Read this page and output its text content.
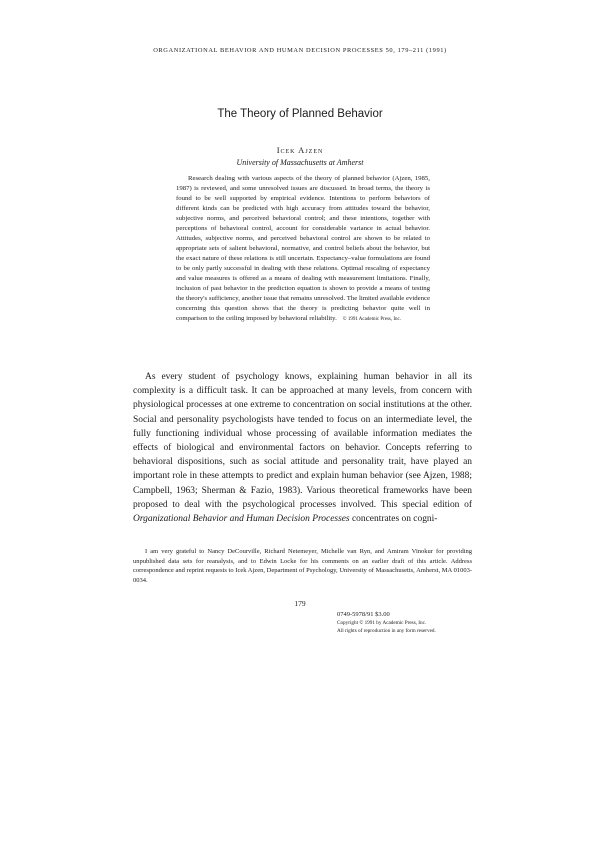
ORGANIZATIONAL BEHAVIOR AND HUMAN DECISION PROCESSES 50, 179–211 (1991)
The Theory of Planned Behavior
Icek Ajzen
University of Massachusetts at Amherst

Research dealing with various aspects of the theory of planned behavior (Ajzen, 1985, 1987) is reviewed, and some unresolved issues are discussed. In broad terms, the theory is found to be well supported by empirical evidence. Intentions to perform behaviors of different kinds can be predicted with high accuracy from attitudes toward the behavior, subjective norms, and perceived behavioral control; and these intentions, together with perceptions of behavioral control, account for considerable variance in actual behavior. Attitudes, subjective norms, and perceived behavioral control are shown to be related to appropriate sets of salient behavioral, normative, and control beliefs about the behavior, but the exact nature of these relations is still uncertain. Expectancy–value formulations are found to be only partly successful in dealing with these relations. Optimal rescaling of expectancy and value measures is offered as a means of dealing with measurement limitations. Finally, inclusion of past behavior in the prediction equation is shown to provide a means of testing the theory's sufficiency, another issue that remains unresolved. The limited available evidence concerning this question shows that the theory is predicting behavior quite well in comparison to the ceiling imposed by behavioral reliability. © 1991 Academic Press, Inc.

As every student of psychology knows, explaining human behavior in all its complexity is a difficult task. It can be approached at many levels, from concern with physiological processes at one extreme to concentration on social institutions at the other. Social and personality psychologists have tended to focus on an intermediate level, the fully functioning individual whose processing of available information mediates the effects of biological and environmental factors on behavior. Concepts referring to behavioral dispositions, such as social attitude and personality trait, have played an important role in these attempts to predict and explain human behavior (see Ajzen, 1988; Campbell, 1963; Sherman & Fazio, 1983). Various theoretical frameworks have been proposed to deal with the psychological processes involved. This special edition of Organizational Behavior and Human Decision Processes concentrates on cogni-

I am very grateful to Nancy DeCourville, Richard Netemeyer, Michelle van Ryn, and Amiram Vinokur for providing unpublished data sets for reanalysis, and to Edwin Locke for his comments on an earlier draft of this article. Address correspondence and reprint requests to Icek Ajzen, Department of Psychology, University of Massachusetts, Amherst, MA 01003-0034.

179
0749-5978/91 $3.00
Copyright © 1991 by Academic Press, Inc.
All rights of reproduction in any form reserved.
